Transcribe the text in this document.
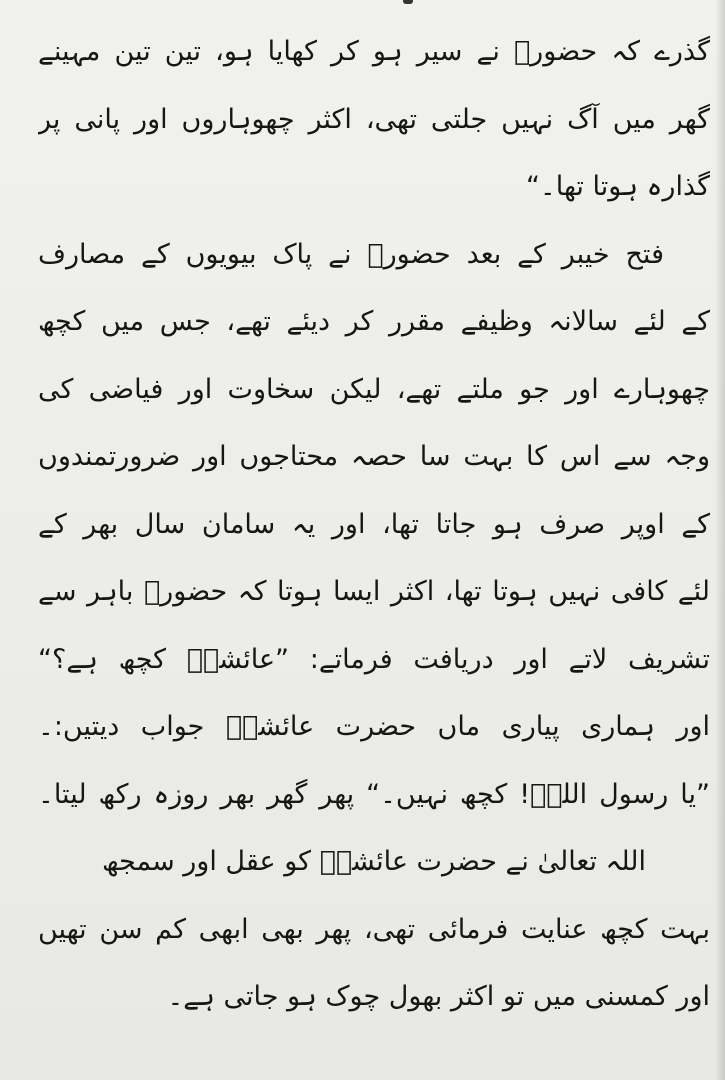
گذرے کہ حضورؐ نے سیر ہو کر کھایا ہو، تین تین مہینے
گھر میں آگ نہیں جلتی تھی، اکثر چھوہاروں اور پانی پر
گذارہ ہوتا تھا۔“
فتح خیبر کے بعد حضورؐ نے پاک بیویوں کے مصارف
کے لئے سالانہ وظیفے مقرر کر دیئے تھے، جس میں کچھ
چھوہارے اور جو ملتے تھے، لیکن سخاوت اور فیاضی کی
وجہ سے اس کا بہت سا حصہ محتاجوں اور ضرورتمندوں
کے اوپر صرف ہو جاتا تھا، اور یہ سامان سال بھر کے
لئے کافی نہیں ہوتا تھا، اکثر ایسا ہوتا کہ حضورؐ باہر سے
تشریف لاتے اور دریافت فرماتے: ”عائشہؓ کچھ ہے؟“
اور ہماری پیاری ماں حضرت عائشہؓ جواب دیتیں:۔
”یا رسول اللہؐ! کچھ نہیں۔“ پھر گھر بھر روزہ رکھ لیتا۔
اللہ تعالیٰ نے حضرت عائشہؓ کو عقل اور سمجھ
بہت کچھ عنایت فرمائی تھی، پھر بھی ابھی کم سن تھیں
اور کمسنی میں تو اکثر بھول چوک ہو جاتی ہے۔
